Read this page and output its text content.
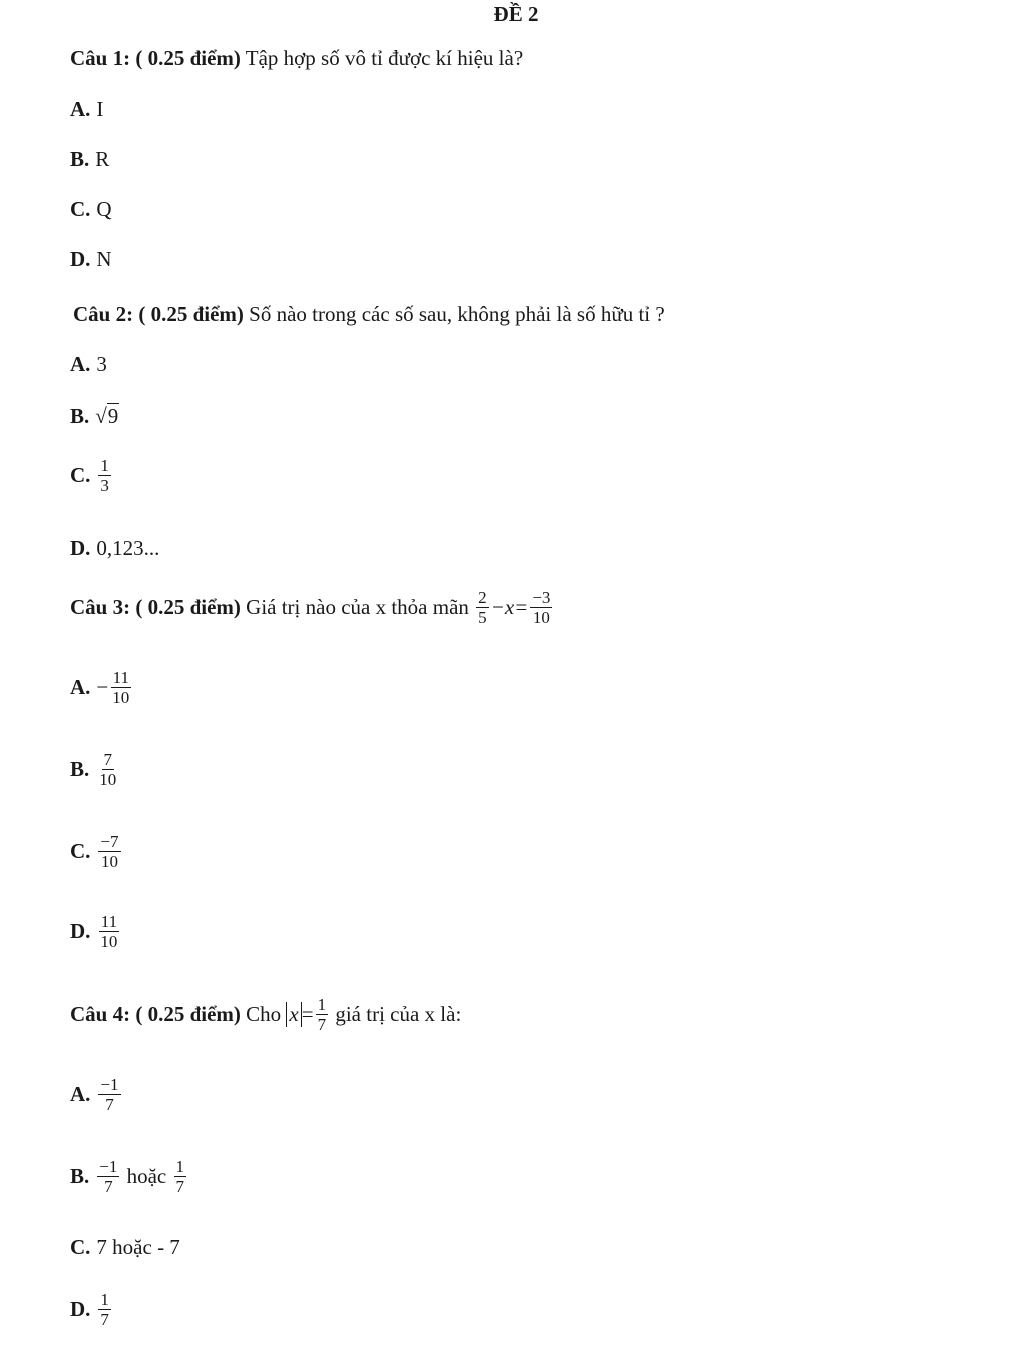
ĐỀ 2
Câu 1: ( 0.25 điểm) Tập hợp số vô tỉ được kí hiệu là?
A. I
B. R
C. Q
D. N
Câu 2: ( 0.25 điểm) Số nào trong các số sau, không phải là số hữu tỉ ?
A. 3
B. √9
C. $\frac{1}{3}$
D. 0,123...
Câu 3: ( 0.25 điểm) Giá trị nào của x thỏa mãn $\frac{2}{5} -x= \frac{-3}{10}$
A. − $\frac{11}{10}$
B. $\frac{7}{10}$
C. $\frac{-7}{10}$
D. $\frac{11}{10}$
Câu 4: ( 0.25 điểm) Cho $x = \frac{1}{7}$ giá trị của x là:
A. $\frac{-1}{7}$
B. $\frac{-1}{7}$ hoặc $\frac{1}{7}$
C. 7 hoặc - 7
D. $\frac{1}{7}$
